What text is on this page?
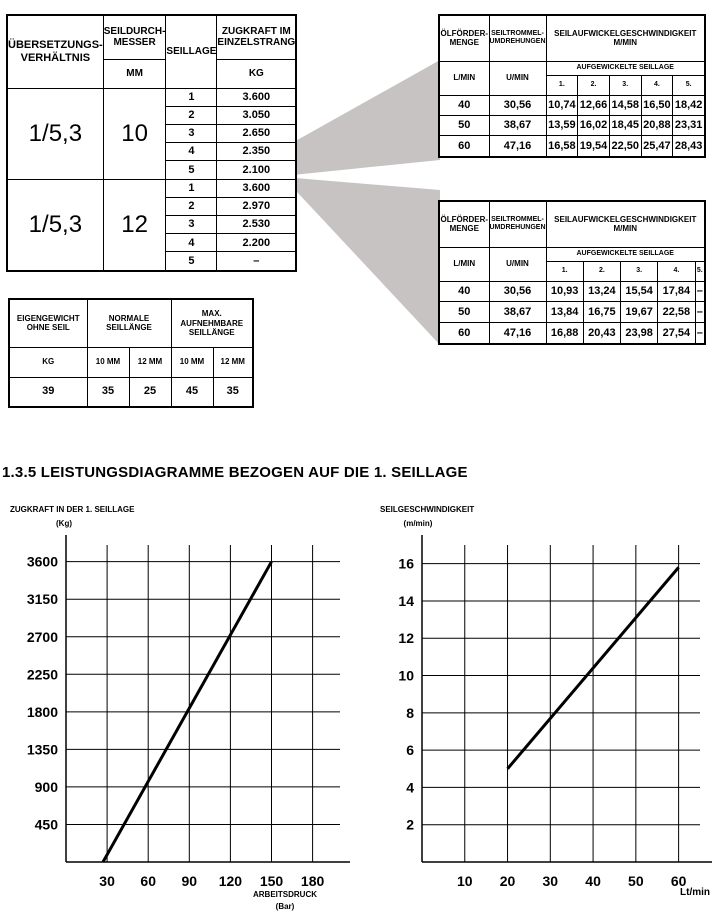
ÜBERSETZUNGS-VERHÄLTNIS	SEILDURCH-MESSER	SEILLAGE	ZUGKRAFT IM EINZELSTRANG
	MM		KG
1/5,3	10	1	3.600
		2	3.050
		3	2.650
		4	2.350
		5	2.100
1/5,3	12	1	3.600
		2	2.970
		3	2.530
		4	2.200
		5	–
EIGENGEWICHT OHNE SEIL	NORMALE SEILLÄNGE		MAX. AUFNEHMBARE SEILLÄNGE	
KG	10 MM	12 MM	10 MM	12 MM
39	35	25	45	35
ÖLFÖRDER-MENGE	SEILTROMMEL-UMDREHUNGEN	SEILAUFWICKELGESCHWINDIGKEIT M/MIN				
L/MIN	U/MIN	AUFGEWICKELTE SEILLAGE				
		1.	2.	3.	4.	5.
40	30,56	10,74	12,66	14,58	16,50	18,42
50	38,67	13,59	16,02	18,45	20,88	23,31
60	47,16	16,58	19,54	22,50	25,47	28,43
ÖLFÖRDER-MENGE	SEILTROMMEL-UMDREHUNGEN	SEILAUFWICKELGESCHWINDIGKEIT M/MIN				
L/MIN	U/MIN	AUFGEWICKELTE SEILLAGE				
		1.	2.	3.	4.	5.
40	30,56	10,93	13,24	15,54	17,84	–
50	38,67	13,84	16,75	19,67	22,58	–
60	47,16	16,88	20,43	23,98	27,54	–
1.3.5 LEISTUNGSDIAGRAMME BEZOGEN AUF DIE 1. SEILLAGE
30 60 90 120 150 180
450
900
1350
1800
2250
2700
3150
3600
ZUGKRAFT IN DER 1. SEILLAGE
(Kg)
ARBEITSDRUCK
(Bar)
10 20 30 40 50 60
2
4
6
8
10
12
14
16
SEILGESCHWINDIGKEIT
(m/min)
Lt/min
